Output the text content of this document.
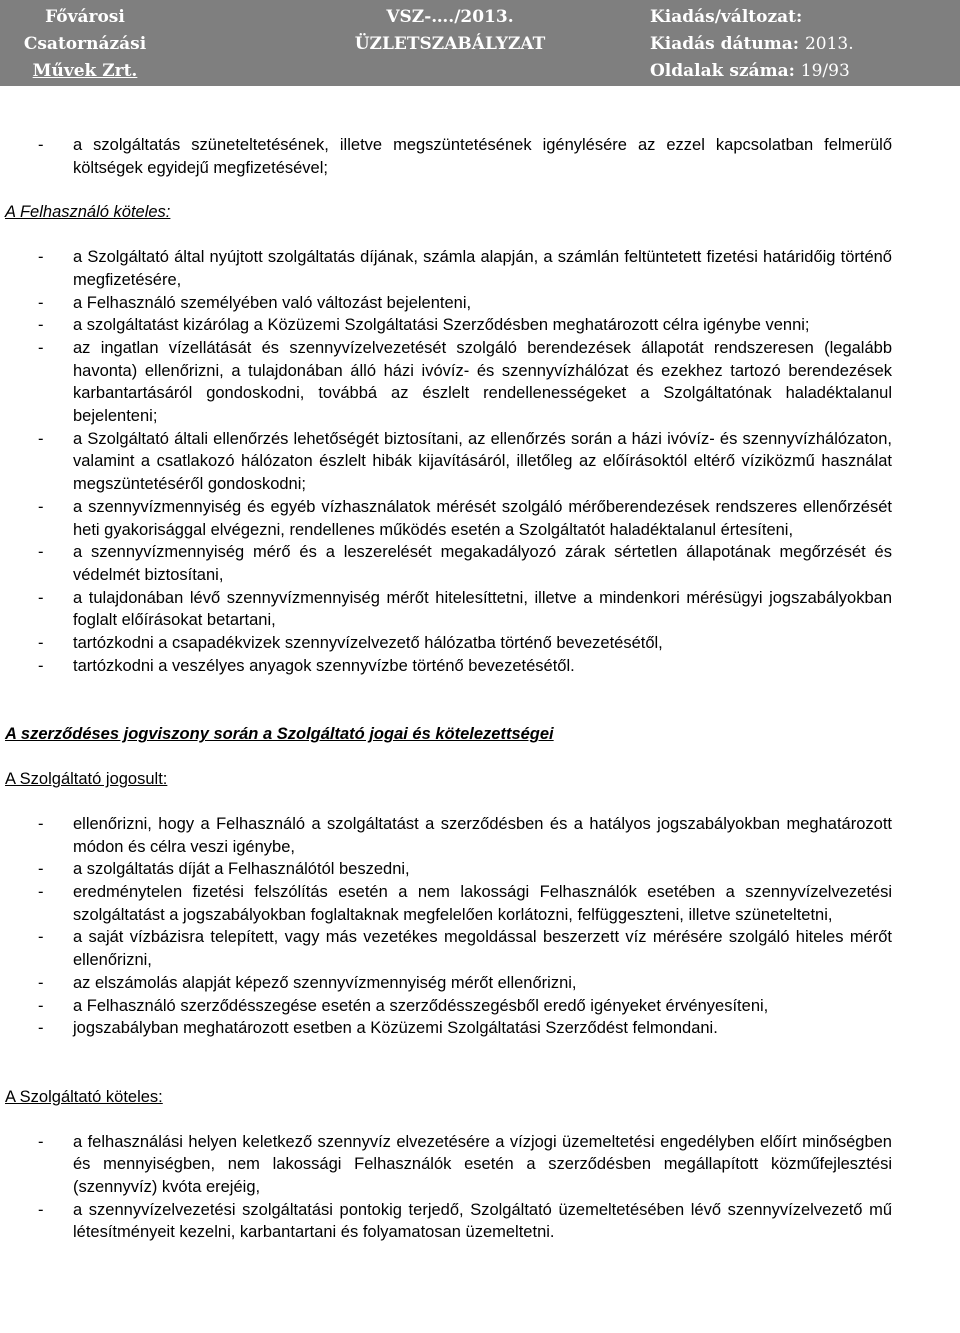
Fővárosi
Csatornázási
Művek Zrt.
VSZ-…./2013.
ÜZLETSZABÁLYZAT
Kiadás/változat:
Kiadás dátuma: 2013.
Oldalak száma: 19/93
- a szolgáltatás szüneteltetésének, illetve megszüntetésének igénylésére az ezzel kapcsolatban felmerülő költségek egyidejű megfizetésével;
A Felhasználó köteles:
- a Szolgáltató által nyújtott szolgáltatás díjának, számla alapján, a számlán feltüntetett fizetési határidőig történő megfizetésére,
- a Felhasználó személyében való változást bejelenteni,
- a szolgáltatást kizárólag a Közüzemi Szolgáltatási Szerződésben meghatározott célra igénybe venni;
- az ingatlan vízellátását és szennyvízelvezetését szolgáló berendezések állapotát rendszeresen (legalább havonta) ellenőrizni, a tulajdonában álló házi ivóvíz- és szennyvízhálózat és ezekhez tartozó berendezések karbantartásáról gondoskodni, továbbá az észlelt rendellenességeket a Szolgáltatónak haladéktalanul bejelenteni;
- a Szolgáltató általi ellenőrzés lehetőségét biztosítani, az ellenőrzés során a házi ivóvíz- és szennyvízhálózaton, valamint a csatlakozó hálózaton észlelt hibák kijavításáról, illetőleg az előírásoktól eltérő víziközmű használat megszüntetéséről gondoskodni;
- a szennyvízmennyiség és egyéb vízhasználatok mérését szolgáló mérőberendezések rendszeres ellenőrzését heti gyakorisággal elvégezni, rendellenes működés esetén a Szolgáltatót haladéktalanul értesíteni,
- a szennyvízmennyiség mérő és a leszerelését megakadályozó zárak sértetlen állapotának megőrzését és védelmét biztosítani,
- a tulajdonában lévő szennyvízmennyiség mérőt hitelesíttetni, illetve a mindenkori mérésügyi jogszabályokban foglalt előírásokat betartani,
- tartózkodni a csapadékvizek szennyvízelvezető hálózatba történő bevezetésétől,
- tartózkodni a veszélyes anyagok szennyvízbe történő bevezetésétől.
A szerződéses jogviszony során a Szolgáltató jogai és kötelezettségei
A Szolgáltató jogosult:
- ellenőrizni, hogy a Felhasználó a szolgáltatást a szerződésben és a hatályos jogszabályokban meghatározott módon és célra veszi igénybe,
- a szolgáltatás díját a Felhasználótól beszedni,
- eredménytelen fizetési felszólítás esetén a nem lakossági Felhasználók esetében a szennyvízelvezetési szolgáltatást a jogszabályokban foglaltaknak megfelelően korlátozni, felfüggeszteni, illetve szüneteltetni,
- a saját vízbázisra telepített, vagy más vezetékes megoldással beszerzett víz mérésére szolgáló hiteles mérőt ellenőrizni,
- az elszámolás alapját képező szennyvízmennyiség mérőt ellenőrizni,
- a Felhasználó szerződésszegése esetén a szerződésszegésből eredő igényeket érvényesíteni,
- jogszabályban meghatározott esetben a Közüzemi Szolgáltatási Szerződést felmondani.
A Szolgáltató köteles:
- a felhasználási helyen keletkező szennyvíz elvezetésére a vízjogi üzemeltetési engedélyben előírt minőségben és mennyiségben, nem lakossági Felhasználók esetén a szerződésben megállapított közműfejlesztési (szennyvíz) kvóta erejéig,
- a szennyvízelvezetési szolgáltatási pontokig terjedő, Szolgáltató üzemeltetésében lévő szennyvízelvezető mű létesítményeit kezelni, karbantartani és folyamatosan üzemeltetni.
